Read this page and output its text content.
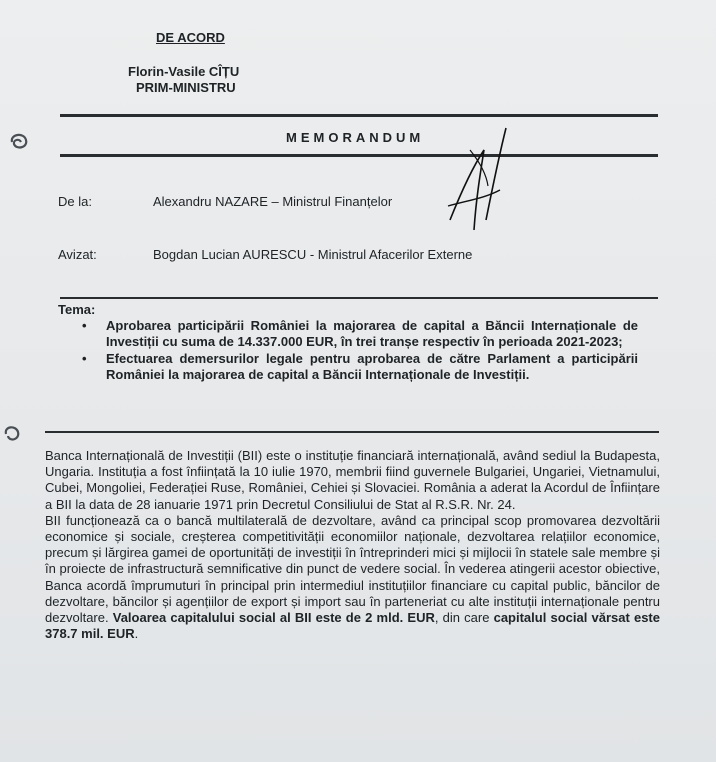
DE ACORD
Florin-Vasile CÎȚU
PRIM-MINISTRU
MEMORANDUM
De la:	Alexandru NAZARE – Ministrul Finanțelor
Avizat:	Bogdan Lucian AURESCU - Ministrul Afacerilor Externe
Tema:
• Aprobarea participării României la majorarea de capital a Băncii Internaționale de Investiții cu suma de 14.337.000 EUR, în trei tranșe respectiv în perioada 2021-2023;
• Efectuarea demersurilor legale pentru aprobarea de către Parlament a participării României la majorarea de capital a Băncii Internaționale de Investiții.

Banca Internațională de Investiții (BII) este o instituție financiară internațională, având sediul la Budapesta, Ungaria. Instituția a fost înființată la 10 iulie 1970, membrii fiind guvernele Bulgariei, Ungariei, Vietnamului, Cubei, Mongoliei, Federației Ruse, României, Cehiei și Slovaciei. România a aderat la Acordul de Înființare a BII la data de 28 ianuarie 1971 prin Decretul Consiliului de Stat al R.S.R. Nr. 24.

BII funcționează ca o bancă multilaterală de dezvoltare, având ca principal scop promovarea dezvoltării economice și sociale, creșterea competitivității economiilor naționale, dezvoltarea relațiilor economice, precum și lărgirea gamei de oportunități de investiții în întreprinderi mici și mijlocii în statele sale membre și în proiecte de infrastructură semnificative din punct de vedere social. În vederea atingerii acestor obiective, Banca acordă împrumuturi în principal prin intermediul instituțiilor financiare cu capital public, băncilor de dezvoltare, băncilor și agențiilor de export și import sau în parteneriat cu alte instituții internaționale pentru dezvoltare. Valoarea capitalului social al BII este de 2 mld. EUR, din care capitalul social vărsat este 378.7 mil. EUR.
